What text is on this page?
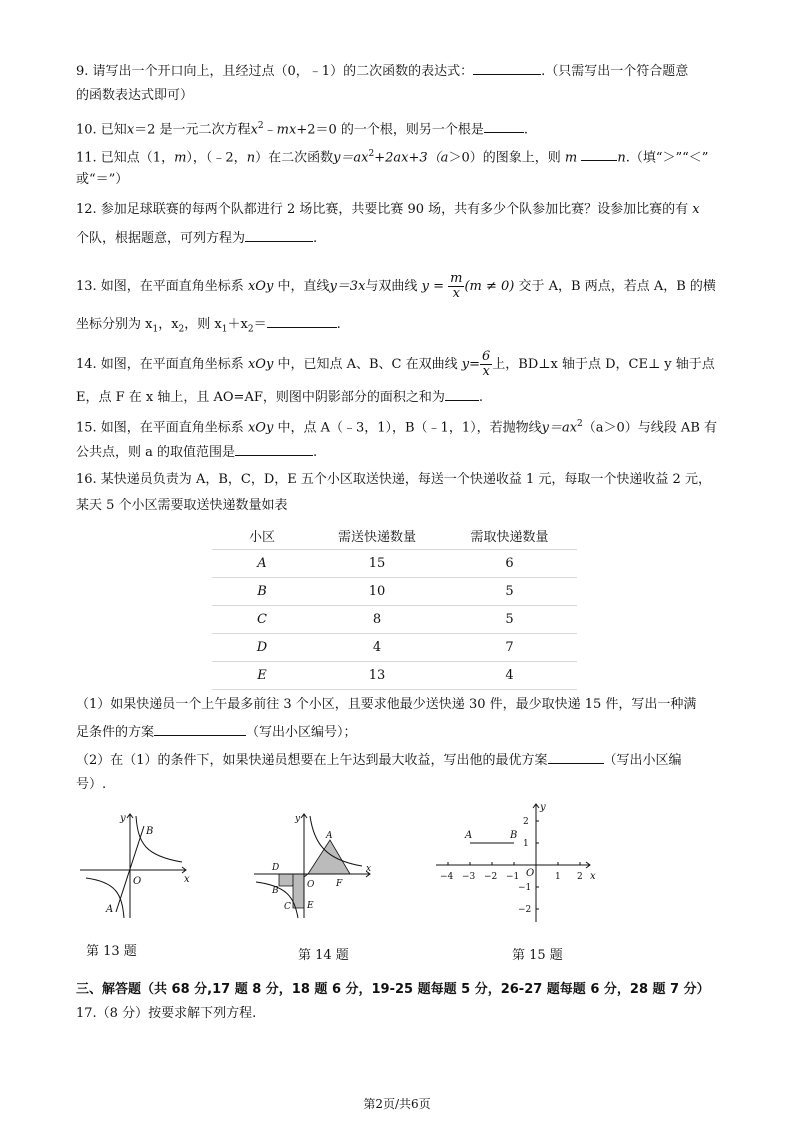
9. 请写出一个开口向上，且经过点（0，﹣1）的二次函数的表达式：	.（只需写出一个符合题意
的函数表达式即可）
10. 已知x＝2 是一元二次方程$x^2﹣mx+2=0$ 的一个根，则另一个根是	.
11. 已知点（1，m），（﹣2，n）在二次函数$y=ax^2+2ax+3(a>0)$的图象上，则 m	n.（填“＞”“＜”
或“＝”）
12. 参加足球联赛的每两个队都进行 2 场比赛，共要比赛 90 场，共有多少个队参加比赛？设参加比赛的有 x
个队，根据题意，可列方程为	.
13. 如图，在平面直角坐标系 xOy 中，直线y＝3x与双曲线 $y = \frac{m}{x} (m \ne 0)$ 交于 A，B 两点，若点 A，B 的横
坐标分别为 $x_1$，$x_2$，则 $x_1+x_2=$	.
14. 如图，在平面直角坐标系 xOy 中，已知点 A、B、C 在双曲线 $y= \frac{6}{x}$ 上，BD⊥x 轴于点 D，CE⊥ y 轴于点
E，点 F 在 x 轴上，且 AO=AF，则图中阴影部分的面积之和为	.
15. 如图，在平面直角坐标系 xOy 中，点 A（﹣3，1），B（﹣1，1），若抛物线$y=ax^2(a>0)$与线段 AB 有
公共点，则 a 的取值范围是	.
16. 某快递员负责为 A，B，C，D，E 五个小区取送快递，每送一个快递收益 1 元，每取一个快递收益 2 元，
某天 5 个小区需要取送快递数量如表
小区	需送快递数量	需取快递数量
A	15	6
B	10	5
C	8	5
D	4	7
E	13	4
（1）如果快递员一个上午最多前往 3 个小区，且要求他最少送快递 30 件，最少取快递 15 件，写出一种满
足条件的方案	（写出小区编号）；
（2）在（1）的条件下，如果快递员想要在上午达到最大收益，写出他的最优方案	（写出小区编
号）.
y
x
O
B
A
第 13 题
y
x
O
A
B
C
D
E
F
第 14 题
−4 −3 −2 −1	1 2
2
1
−1
−2
y
x
O
A	B
第 15 题
三、解答题（共 68 分,17 题 8 分，18 题 6 分，19-25 题每题 5 分，26-27 题每题 6 分，28 题 7 分）
17.（8 分）按要求解下列方程.
第2页/共6页
